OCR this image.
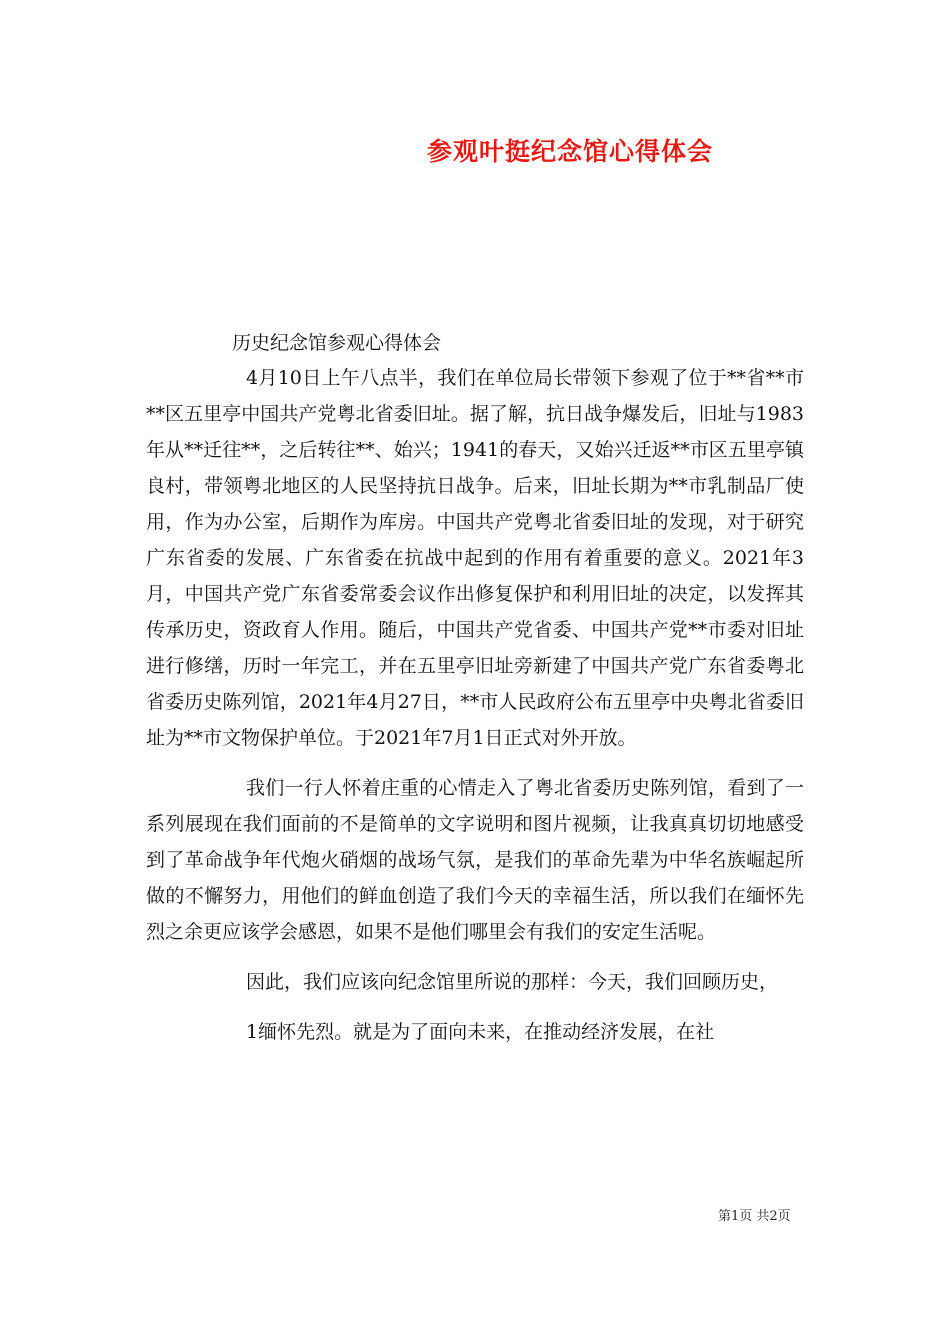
参观叶挺纪念馆心得体会
历史纪念馆参观心得体会

4月10日上午八点半，我们在单位局长带领下参观了位于**省**市**区五里亭中国共产党粤北省委旧址。据了解，抗日战争爆发后，旧址与1983年从**迁往**，之后转往**、始兴；1941的春天，又始兴迁返**市区五里亭镇良村，带领粤北地区的人民坚持抗日战争。后来，旧址长期为**市乳制品厂使用，作为办公室，后期作为库房。中国共产党粤北省委旧址的发现，对于研究广东省委的发展、广东省委在抗战中起到的作用有着重要的意义。2021年3月，中国共产党广东省委常委会议作出修复保护和利用旧址的决定，以发挥其传承历史，资政育人作用。随后，中国共产党省委、中国共产党**市委对旧址进行修缮，历时一年完工，并在五里亭旧址旁新建了中国共产党广东省委粤北省委历史陈列馆，2021年4月27日，**市人民政府公布五里亭中央粤北省委旧址为**市文物保护单位。于2021年7月1日正式对外开放。

我们一行人怀着庄重的心情走入了粤北省委历史陈列馆，看到了一系列展现在我们面前的不是简单的文字说明和图片视频，让我真真切切地感受到了革命战争年代炮火硝烟的战场气氛，是我们的革命先辈为中华名族崛起所做的不懈努力，用他们的鲜血创造了我们今天的幸福生活，所以我们在缅怀先烈之余更应该学会感恩，如果不是他们哪里会有我们的安定生活呢。

因此，我们应该向纪念馆里所说的那样：今天，我们回顾历史，

1缅怀先烈。就是为了面向未来，在推动经济发展，在社

第1页 共2页
